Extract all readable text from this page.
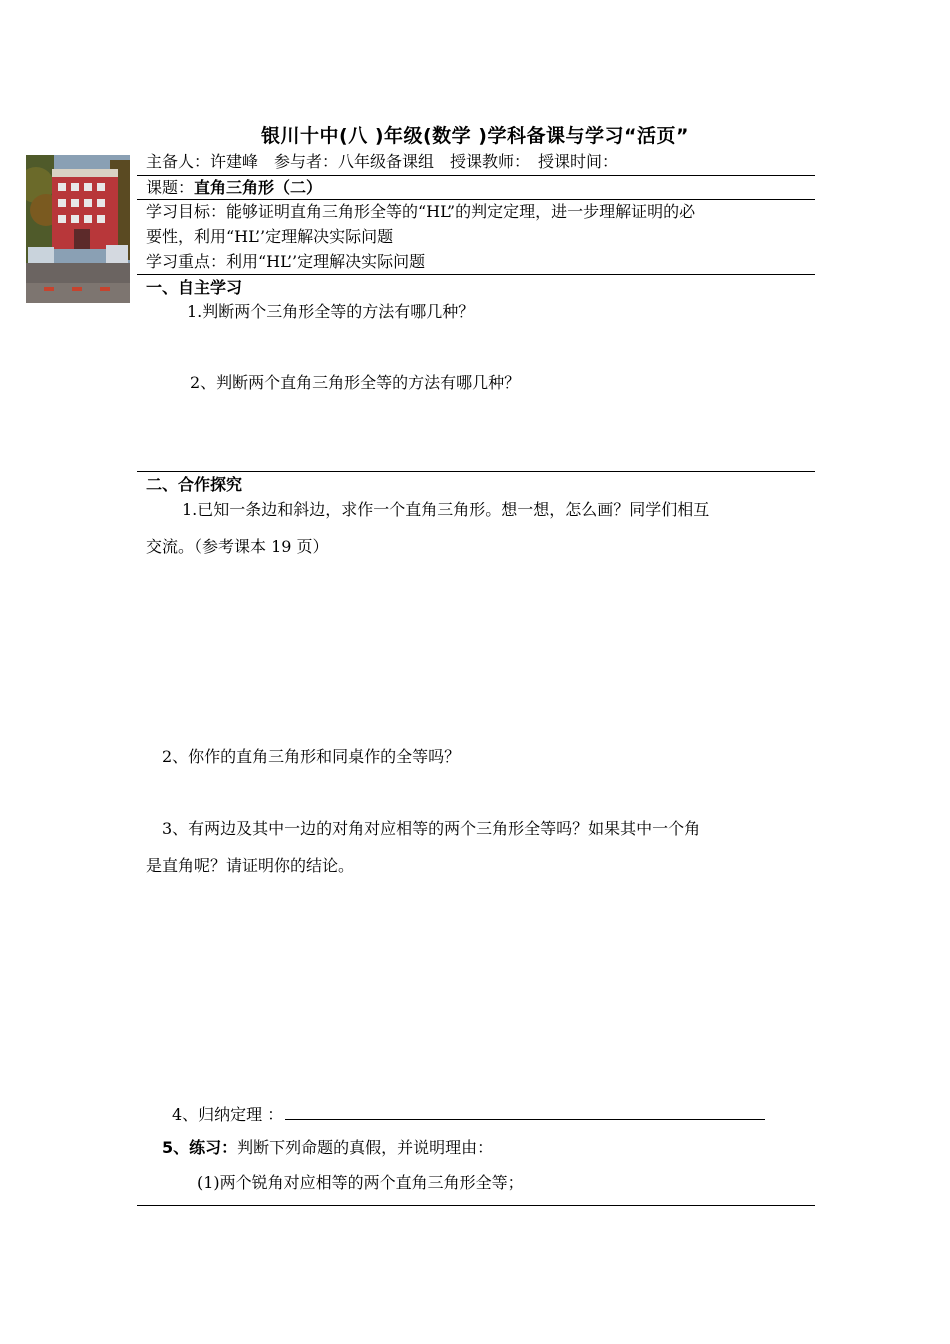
银川十中(八 )年级(数学 )学科备课与学习“活页”
主备人：许建峰　参与者：八年级备课组　授课教师：　授课时间：
课题：直角三角形（二）
学习目标：能够证明直角三角形全等的“HL”的判定定理，进一步理解证明的必
要性，利用“HL’’定理解决实际问题
学习重点：利用“HL’’定理解决实际问题
一、自主学习
1.判断两个三角形全等的方法有哪几种？
2、判断两个直角三角形全等的方法有哪几种？
二、合作探究
1.已知一条边和斜边，求作一个直角三角形。想一想，怎么画？同学们相互
交流。（参考课本 19 页）
2、你作的直角三角形和同桌作的全等吗？
3、有两边及其中一边的对角对应相等的两个三角形全等吗？如果其中一个角
是直角呢？请证明你的结论。
4、归纳定理 ：
5、练习：判断下列命题的真假，并说明理由：
(1)两个锐角对应相等的两个直角三角形全等；
